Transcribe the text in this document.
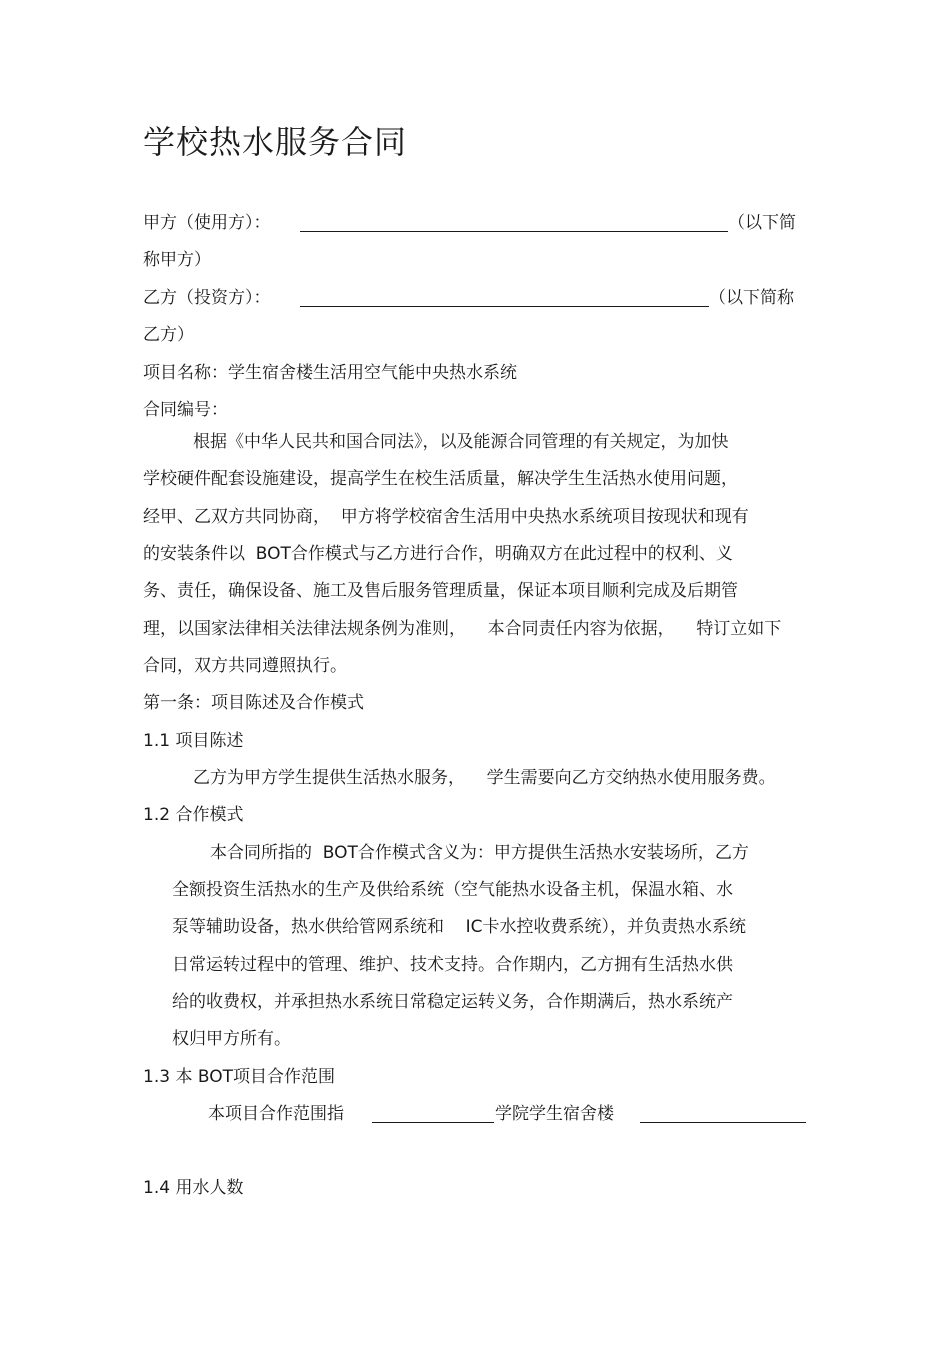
学校热水服务合同
甲方（使用方）：	（以下简
称甲方）
乙方（投资方）：	（以下简称
乙方）
项目名称：学生宿舍楼生活用空气能中央热水系统
合同编号：
根据《中华人民共和国合同法》，以及能源合同管理的有关规定，为加快
学校硬件配套设施建设，提高学生在校生活质量，解决学生生活热水使用问题，
经甲、乙双方共同协商，  甲方将学校宿舍生活用中央热水系统项目按现状和现有
的安装条件以  BOT合作模式与乙方进行合作，明确双方在此过程中的权利、义
务、责任，确保设备、施工及售后服务管理质量，保证本项目顺利完成及后期管
理，以国家法律相关法律法规条例为准则，    本合同责任内容为依据，    特订立如下
合同，双方共同遵照执行。
第一条：项目陈述及合作模式
1.1 项目陈述
乙方为甲方学生提供生活热水服务，    学生需要向乙方交纳热水使用服务费。
1.2 合作模式
本合同所指的  BOT合作模式含义为：甲方提供生活热水安装场所，乙方
全额投资生活热水的生产及供给系统（空气能热水设备主机，保温水箱、水
泵等辅助设备，热水供给管网系统和    IC卡水控收费系统），并负责热水系统
日常运转过程中的管理、维护、技术支持。合作期内，乙方拥有生活热水供
给的收费权，并承担热水系统日常稳定运转义务，合作期满后，热水系统产
权归甲方所有。
1.3 本 BOT项目合作范围
本项目合作范围指	学院学生宿舍楼
1.4 用水人数
